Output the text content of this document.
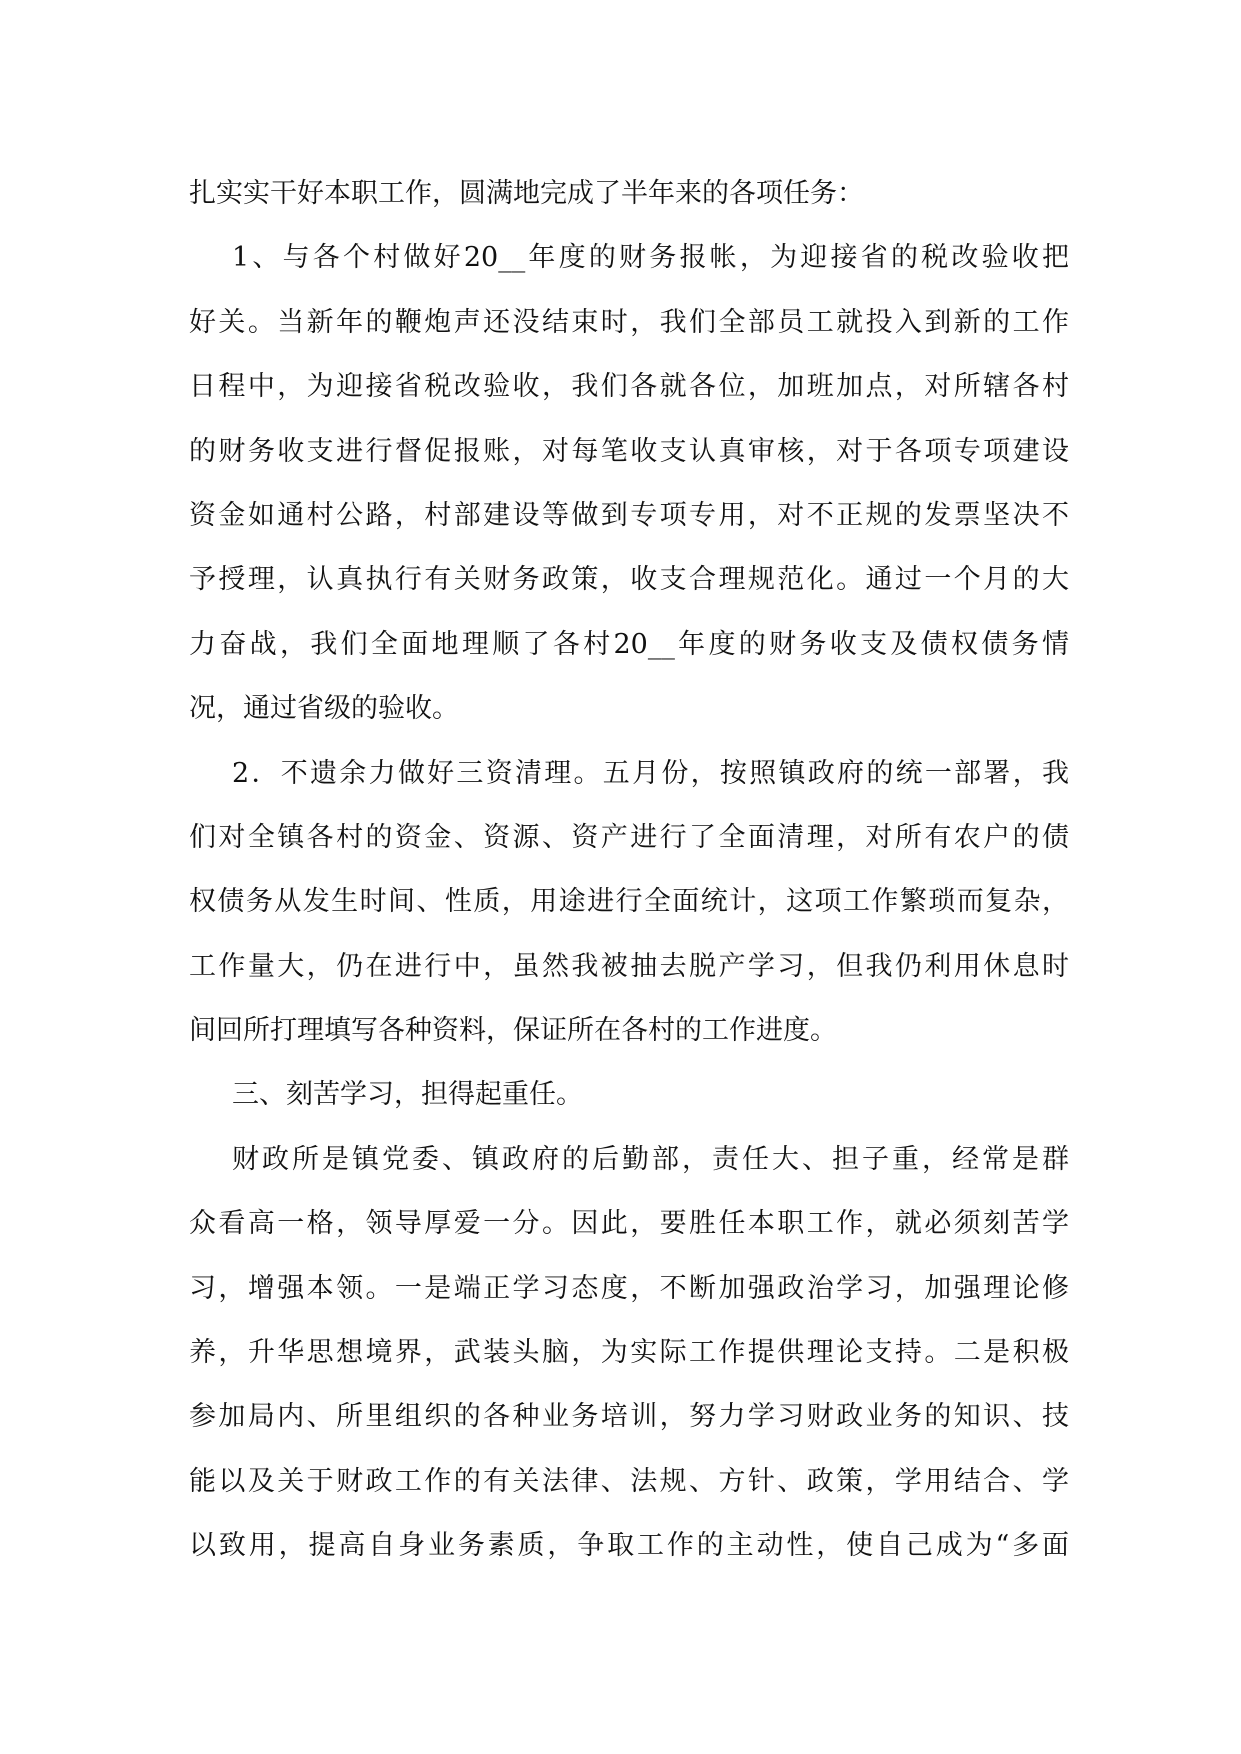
扎实实干好本职工作，圆满地完成了半年来的各项任务：
1、与各个村做好20__年度的财务报帐，为迎接省的税改验收把
好关。当新年的鞭炮声还没结束时，我们全部员工就投入到新的工作
日程中，为迎接省税改验收，我们各就各位，加班加点，对所辖各村
的财务收支进行督促报账，对每笔收支认真审核，对于各项专项建设
资金如通村公路，村部建设等做到专项专用，对不正规的发票坚决不
予授理，认真执行有关财务政策，收支合理规范化。通过一个月的大
力奋战，我们全面地理顺了各村20__年度的财务收支及债权债务情
况，通过省级的验收。
2．不遗余力做好三资清理。五月份，按照镇政府的统一部署，我
们对全镇各村的资金、资源、资产进行了全面清理，对所有农户的债
权债务从发生时间、性质，用途进行全面统计，这项工作繁琐而复杂，
工作量大，仍在进行中，虽然我被抽去脱产学习，但我仍利用休息时
间回所打理填写各种资料，保证所在各村的工作进度。
三、刻苦学习，担得起重任。
财政所是镇党委、镇政府的后勤部，责任大、担子重，经常是群
众看高一格，领导厚爱一分。因此，要胜任本职工作，就必须刻苦学
习，增强本领。一是端正学习态度，不断加强政治学习，加强理论修
养，升华思想境界，武装头脑，为实际工作提供理论支持。二是积极
参加局内、所里组织的各种业务培训，努力学习财政业务的知识、技
能以及关于财政工作的有关法律、法规、方针、政策，学用结合、学
以致用，提高自身业务素质，争取工作的主动性，使自己成为“多面
